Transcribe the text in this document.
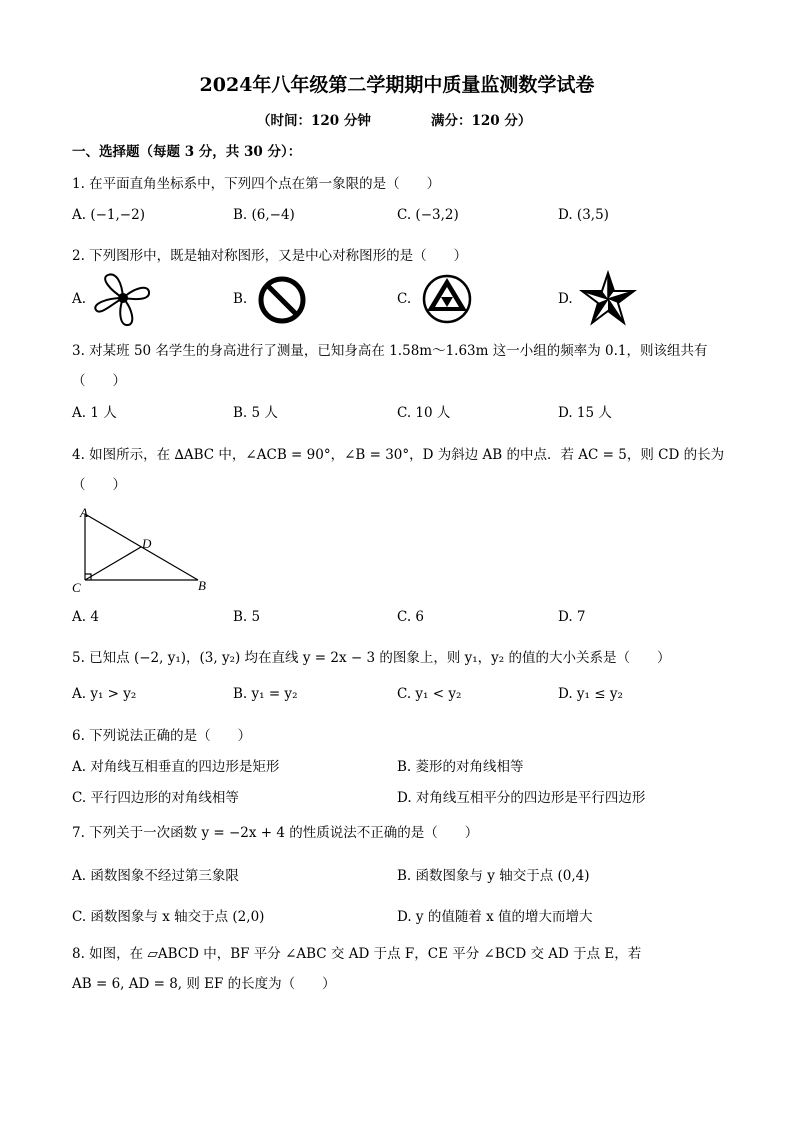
2024年八年级第二学期期中质量监测数学试卷
（时间：120 分钟	满分：120 分）
一、选择题（每题 3 分，共 30 分）：
1. 在平面直角坐标系中，下列四个点在第一象限的是（　　）
A. (−1,−2)	B. (6,−4)	C. (−3,2)	D. (3,5)
2. 下列图形中，既是轴对称图形，又是中心对称图形的是（　　）
A.	B.	C.	D.
3. 对某班 50 名学生的身高进行了测量，已知身高在 1.58m～1.63m 这一小组的频率为 0.1，则该组共有
（　　）
A. 1 人	B. 5 人	C. 10 人	D. 15 人
4. 如图所示，在 ∆ABC 中，∠ACB = 90°，∠B = 30°，D 为斜边 AB 的中点．若 AC = 5，则 CD 的长为
（　　）
A
D
C	B
A. 4	B. 5	C. 6	D. 7
5. 已知点 (−2, y₁)，(3, y₂) 均在直线 y = 2x − 3 的图象上，则 y₁，y₂ 的值的大小关系是（　　）
A. y₁ > y₂	B. y₁ = y₂	C. y₁ < y₂	D. y₁ ≤ y₂
6. 下列说法正确的是（　　）
A. 对角线互相垂直的四边形是矩形	B. 菱形的对角线相等
C. 平行四边形的对角线相等	D. 对角线互相平分的四边形是平行四边形
7. 下列关于一次函数 y = −2x + 4 的性质说法不正确的是（　　）
A. 函数图象不经过第三象限	B. 函数图象与 y 轴交于点 (0,4)
C. 函数图象与 x 轴交于点 (2,0)	D. y 的值随着 x 值的增大而增大
8. 如图，在 ▱ABCD 中，BF 平分 ∠ABC 交 AD 于点 F，CE 平分 ∠BCD 交 AD 于点 E，若
AB = 6, AD = 8, 则 EF 的长度为（　　）
